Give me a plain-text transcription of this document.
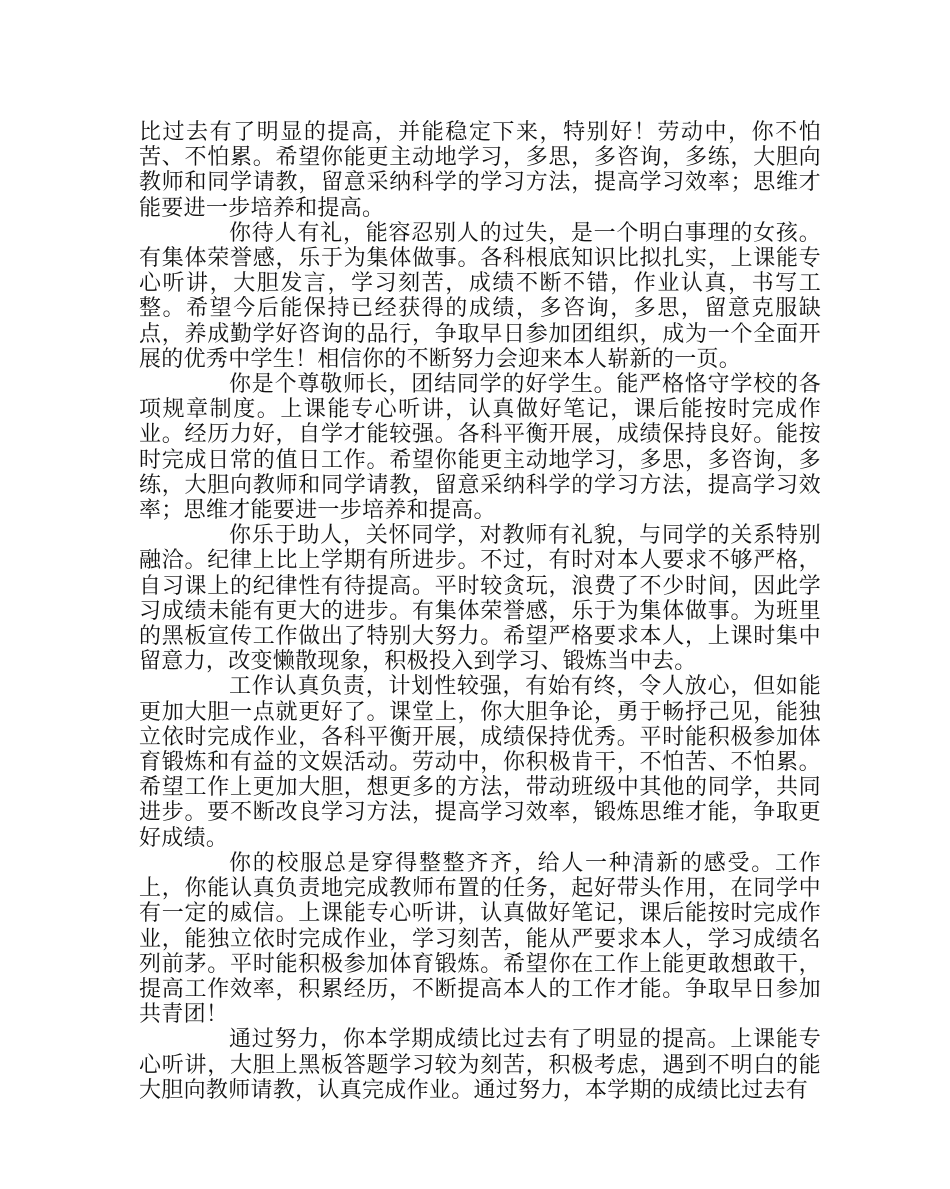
比过去有了明显的提高，并能稳定下来，特别好！劳动中，你不怕苦、不怕累。希望你能更主动地学习，多思，多咨询，多练，大胆向教师和同学请教，留意采纳科学的学习方法，提高学习效率；思维才能要进一步培养和提高。

你待人有礼，能容忍别人的过失，是一个明白事理的女孩。有集体荣誉感，乐于为集体做事。各科根底知识比拟扎实，上课能专心听讲，大胆发言，学习刻苦，成绩不断不错，作业认真，书写工整。希望今后能保持已经获得的成绩，多咨询，多思，留意克服缺点，养成勤学好咨询的品行，争取早日参加团组织，成为一个全面开展的优秀中学生！相信你的不断努力会迎来本人崭新的一页。

你是个尊敬师长，团结同学的好学生。能严格恪守学校的各项规章制度。上课能专心听讲，认真做好笔记，课后能按时完成作业。经历力好，自学才能较强。各科平衡开展，成绩保持良好。能按时完成日常的值日工作。希望你能更主动地学习，多思，多咨询，多练，大胆向教师和同学请教，留意采纳科学的学习方法，提高学习效率；思维才能要进一步培养和提高。

你乐于助人，关怀同学，对教师有礼貌，与同学的关系特别融洽。纪律上比上学期有所进步。不过，有时对本人要求不够严格，自习课上的纪律性有待提高。平时较贪玩，浪费了不少时间，因此学习成绩未能有更大的进步。有集体荣誉感，乐于为集体做事。为班里的黑板宣传工作做出了特别大努力。希望严格要求本人，上课时集中留意力，改变懒散现象，积极投入到学习、锻炼当中去。

工作认真负责，计划性较强，有始有终，令人放心，但如能更加大胆一点就更好了。课堂上，你大胆争论，勇于畅抒己见，能独立依时完成作业，各科平衡开展，成绩保持优秀。平时能积极参加体育锻炼和有益的文娱活动。劳动中，你积极肯干，不怕苦、不怕累。希望工作上更加大胆，想更多的方法，带动班级中其他的同学，共同进步。要不断改良学习方法，提高学习效率，锻炼思维才能，争取更好成绩。

你的校服总是穿得整整齐齐，给人一种清新的感受。工作上，你能认真负责地完成教师布置的任务，起好带头作用，在同学中有一定的威信。上课能专心听讲，认真做好笔记，课后能按时完成作业，能独立依时完成作业，学习刻苦，能从严要求本人，学习成绩名列前茅。平时能积极参加体育锻炼。希望你在工作上能更敢想敢干，提高工作效率，积累经历，不断提高本人的工作才能。争取早日参加共青团！

通过努力，你本学期成绩比过去有了明显的提高。上课能专心听讲，大胆上黑板答题学习较为刻苦，积极考虑，遇到不明白的能大胆向教师请教，认真完成作业。通过努力，本学期的成绩比过去有
